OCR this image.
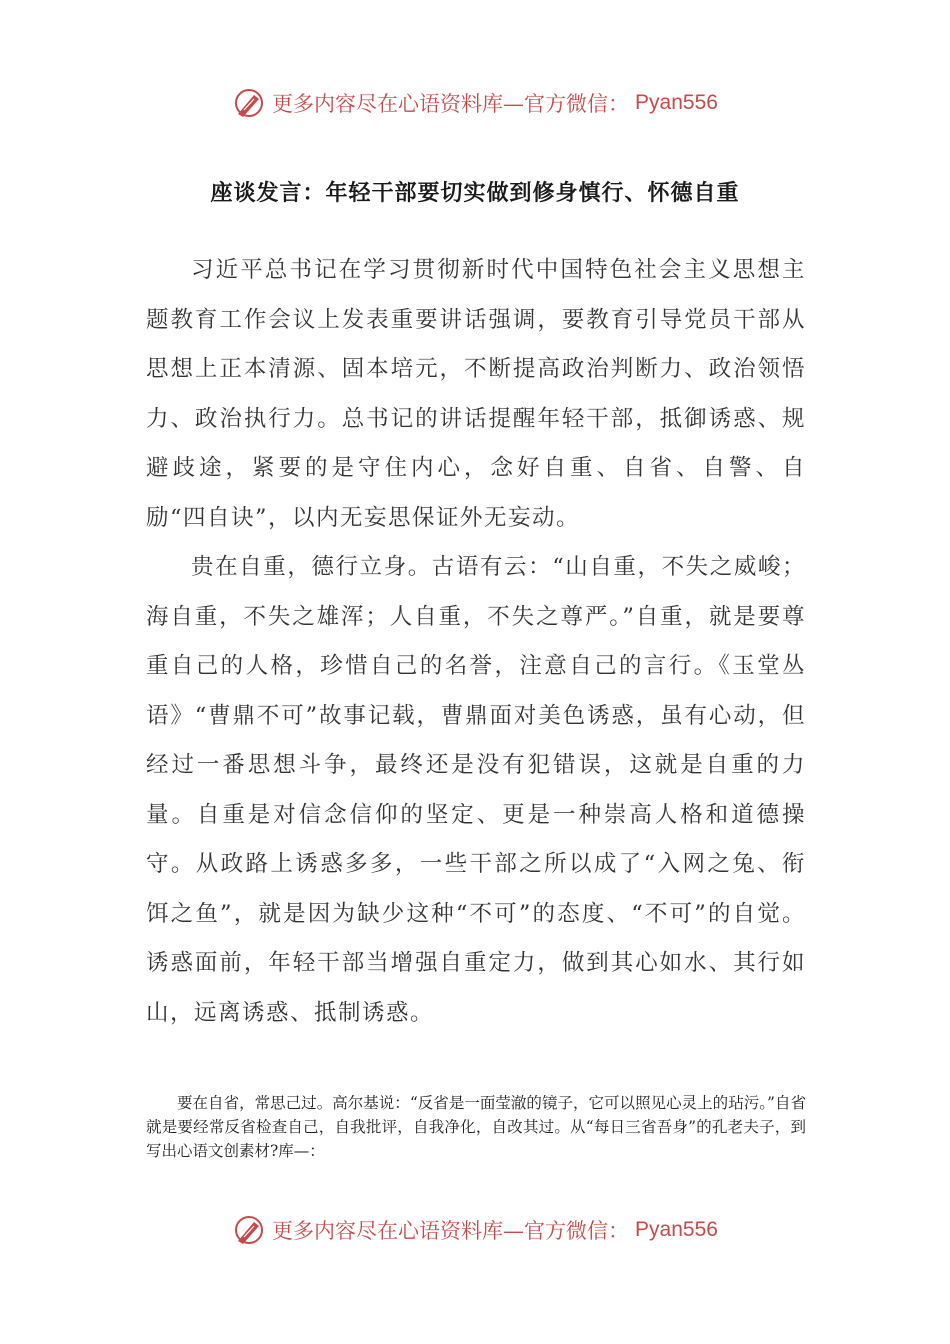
更多内容尽在心语资料库—官方微信： Pyan556
座谈发言：年轻干部要切实做到修身慎行、怀德自重

习近平总书记在学习贯彻新时代中国特色社会主义思想主题教育工作会议上发表重要讲话强调，要教育引导党员干部从思想上正本清源、固本培元，不断提高政治判断力、政治领悟力、政治执行力。总书记的讲话提醒年轻干部，抵御诱惑、规避歧途，紧要的是守住内心，念好自重、自省、自警、自励“四自诀”，以内无妄思保证外无妄动。

贵在自重，德行立身。古语有云：“山自重，不失之威峻；海自重，不失之雄浑；人自重，不失之尊严。”自重，就是要尊重自己的人格，珍惜自己的名誉，注意自己的言行。《玉堂丛语》“曹鼎不可”故事记载，曹鼎面对美色诱惑，虽有心动，但经过一番思想斗争，最终还是没有犯错误，这就是自重的力量。自重是对信念信仰的坚定、更是一种崇高人格和道德操守。从政路上诱惑多多，一些干部之所以成了“入网之兔、衔饵之鱼”，就是因为缺少这种“不可”的态度、“不可”的自觉。诱惑面前，年轻干部当增强自重定力，做到其心如水、其行如山，远离诱惑、抵制诱惑。

要在自省，常思己过。高尔基说：“反省是一面莹澈的镜子，它可以照见心灵上的玷污。”自省就是要经常反省检查自己，自我批评，自我净化，自改其过。从“每日三省吾身”的孔老夫子，到写出心语文创素材?库—：

更多内容尽在心语资料库—官方微信： Pyan556
